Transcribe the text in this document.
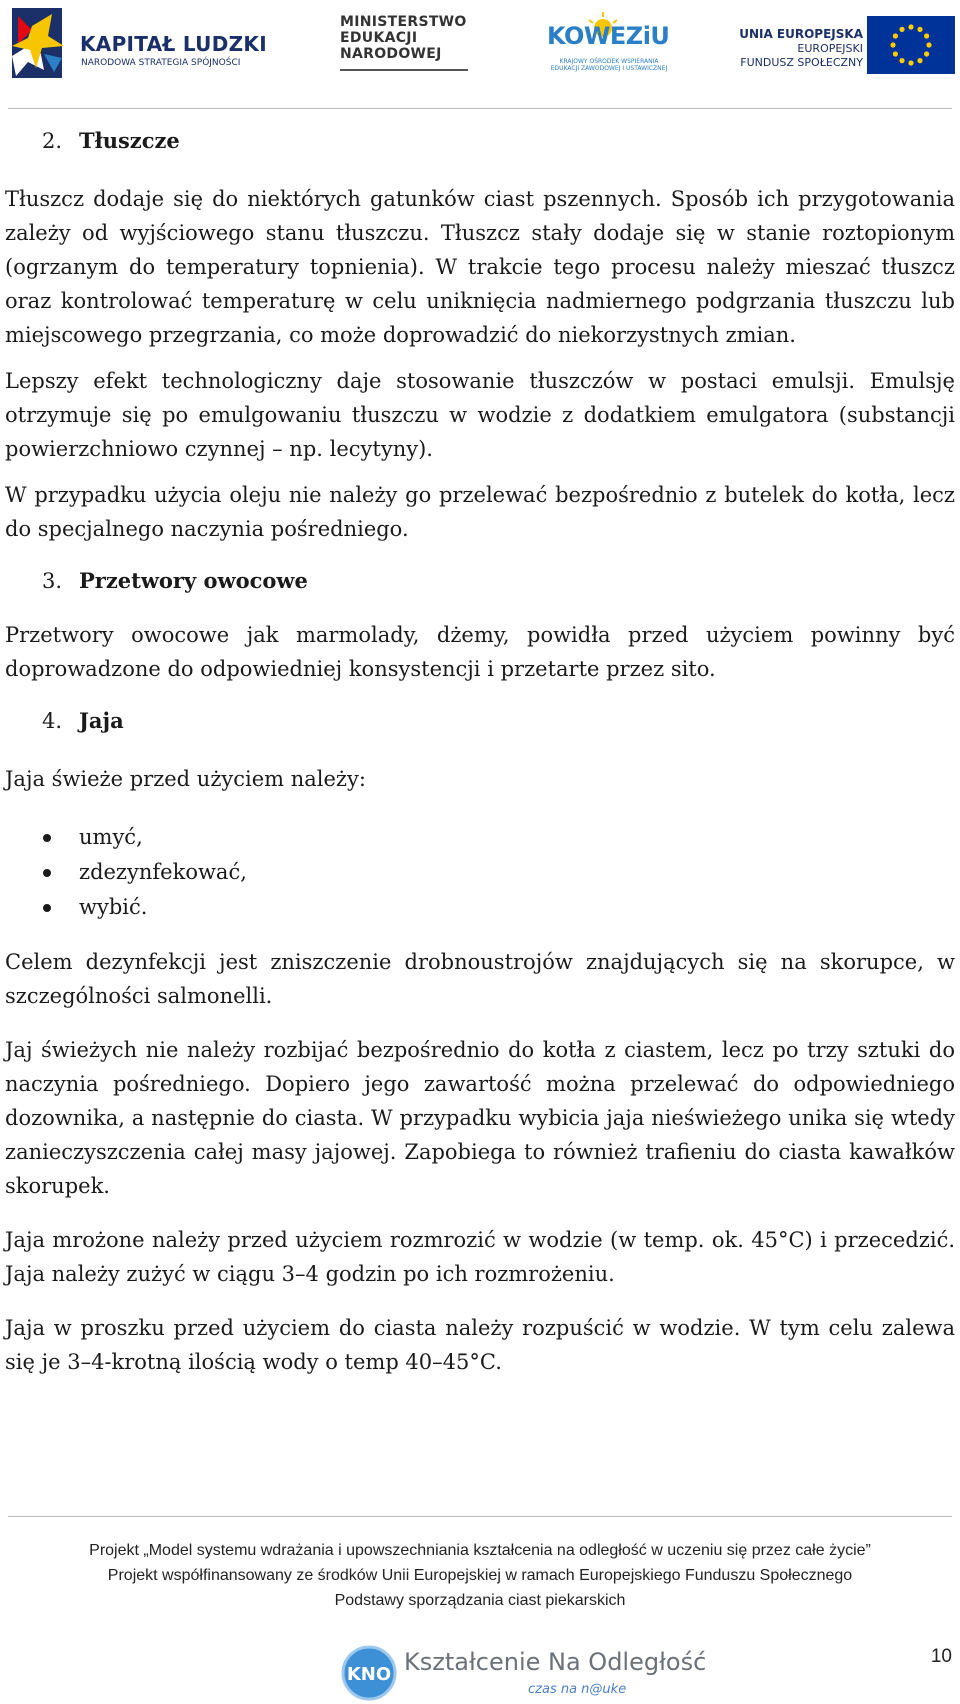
KAPITAŁ LUDZKI
NARODOWA STRATEGIA SPÓJNOŚCI
MINISTERSTWO
EDUKACJI
NARODOWEJ
KOWEZiU
KRAJOWY OŚRODEK WSPIERANIA EDUKACJI ZAWODOWEJ I USTAWICZNEJ
UNIA EUROPEJSKA
EUROPEJSKI
FUNDUSZ SPOŁECZNY
2. Tłuszcze

Tłuszcz dodaje się do niektórych gatunków ciast pszennych. Sposób ich przygotowania zależy od wyjściowego stanu tłuszczu. Tłuszcz stały dodaje się w stanie roztopionym (ogrzanym do temperatury topnienia). W trakcie tego procesu należy mieszać tłuszcz oraz kontrolować temperaturę w celu uniknięcia nadmiernego podgrzania tłuszczu lub miejscowego przegrzania, co może doprowadzić do niekorzystnych zmian.

Lepszy efekt technologiczny daje stosowanie tłuszczów w postaci emulsji. Emulsję otrzymuje się po emulgowaniu tłuszczu w wodzie z dodatkiem emulgatora (substancji powierzchniowo czynnej – np. lecytyny).

W przypadku użycia oleju nie należy go przelewać bezpośrednio z butelek do kotła, lecz do specjalnego naczynia pośredniego.

3. Przetwory owocowe

Przetwory owocowe jak marmolady, dżemy, powidła przed użyciem powinny być doprowadzone do odpowiedniej konsystencji i przetarte przez sito.

4. Jaja

Jaja świeże przed użyciem należy:

umyć,
zdezynfekować,
wybić.

Celem dezynfekcji jest zniszczenie drobnoustrojów znajdujących się na skorupce, w szczególności salmonelli.

Jaj świeżych nie należy rozbijać bezpośrednio do kotła z ciastem, lecz po trzy sztuki do naczynia pośredniego. Dopiero jego zawartość można przelewać do odpowiedniego dozownika, a następnie do ciasta. W przypadku wybicia jaja nieświeżego unika się wtedy zanieczyszczenia całej masy jajowej. Zapobiega to również trafieniu do ciasta kawałków skorupek.

Jaja mrożone należy przed użyciem rozmrozić w wodzie (w temp. ok. 45°C) i przecedzić. Jaja należy zużyć w ciągu 3–4 godzin po ich rozmrożeniu.

Jaja w proszku przed użyciem do ciasta należy rozpuścić w wodzie. W tym celu zalewa się je 3–4-krotną ilością wody o temp 40–45°C.

Projekt „Model systemu wdrażania i upowszechniania kształcenia na odległość w uczeniu się przez całe życie”
Projekt współfinansowany ze środków Unii Europejskiej w ramach Europejskiego Funduszu Społecznego
Podstawy sporządzania ciast piekarskich
10
KNO Kształcenie Na Odległość
czas na n@uke
